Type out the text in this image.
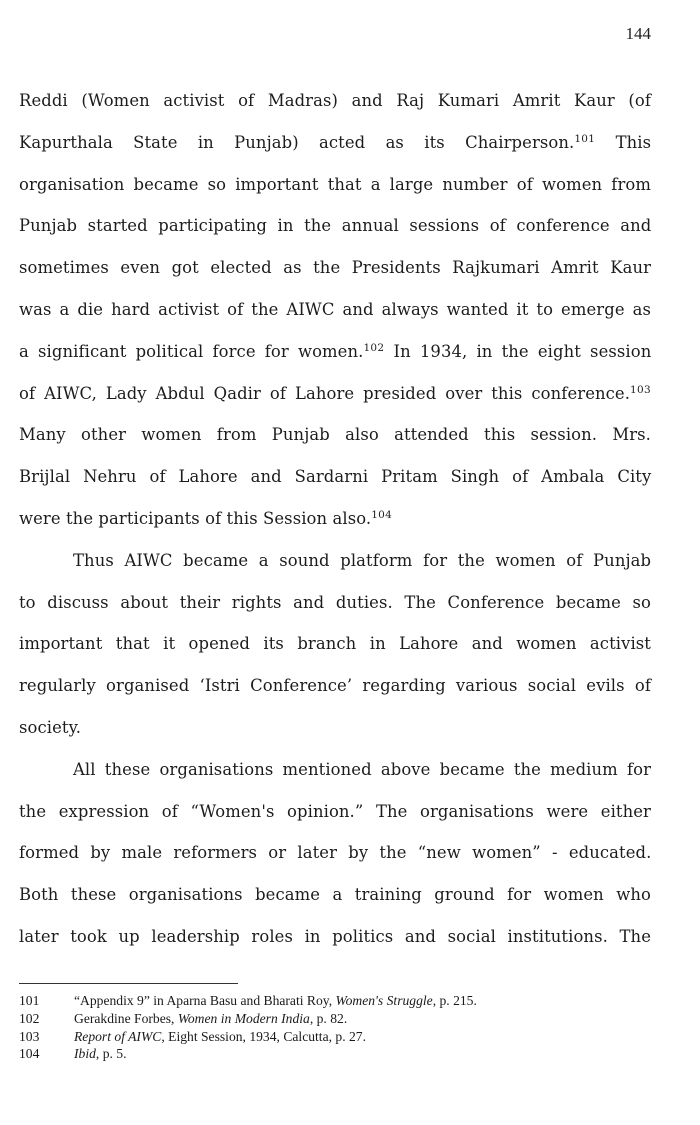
144
Reddi (Women activist of Madras) and Raj Kumari Amrit Kaur (of
Kapurthala State in Punjab) acted as its Chairperson.$^{101}$ This
organisation became so important that a large number of women from
Punjab started participating in the annual sessions of conference and
sometimes even got elected as the Presidents Rajkumari Amrit Kaur
was a die hard activist of the AIWC and always wanted it to emerge as
a significant political force for women.$^{102}$ In 1934, in the eight session
of AIWC, Lady Abdul Qadir of Lahore presided over this conference.$^{103}$
Many other women from Punjab also attended this session. Mrs.
Brijlal Nehru of Lahore and Sardarni Pritam Singh of Ambala City
were the participants of this Session also.$^{104}$
Thus AIWC became a sound platform for the women of Punjab
to discuss about their rights and duties. The Conference became so
important that it opened its branch in Lahore and women activist
regularly organised ‘Istri Conference’ regarding various social evils of
society.
All these organisations mentioned above became the medium for
the expression of “Women's opinion.” The organisations were either
formed by male reformers or later by the “new women” - educated.
Both these organisations became a training ground for women who
later took up leadership roles in politics and social institutions. The
101	“Appendix 9” in Aparna Basu and Bharati Roy, Women's Struggle, p. 215.
102	Gerakdine Forbes, Women in Modern India, p. 82.
103	Report of AIWC, Eight Session, 1934, Calcutta, p. 27.
104	Ibid, p. 5.
